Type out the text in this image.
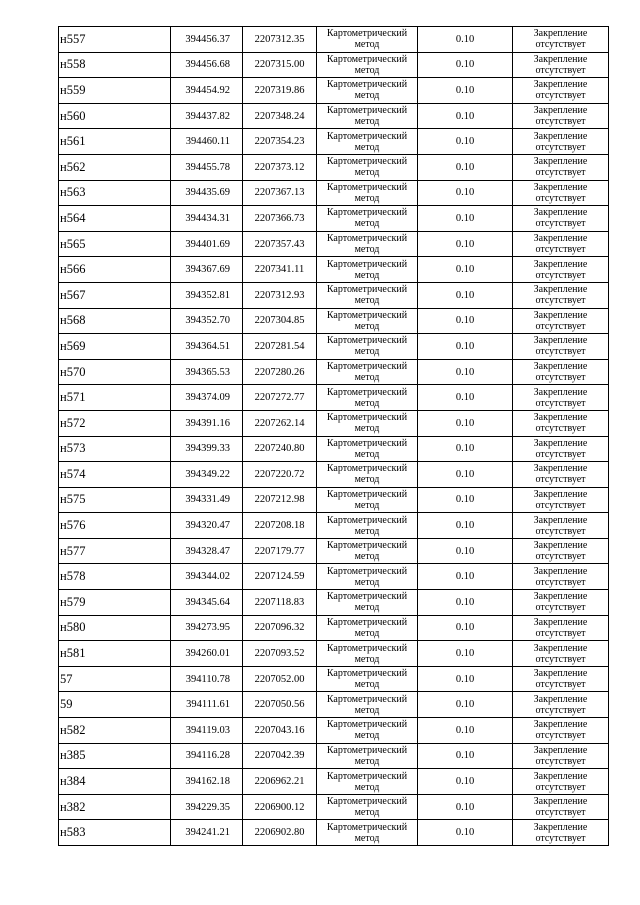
н557	394456.37	2207312.35	Картометрический
метод	0.10	Закрепление
отсутствует

н558	394456.68	2207315.00	Картометрический
метод	0.10	Закрепление
отсутствует

н559	394454.92	2207319.86	Картометрический
метод	0.10	Закрепление
отсутствует

н560	394437.82	2207348.24	Картометрический
метод	0.10	Закрепление
отсутствует

н561	394460.11	2207354.23	Картометрический
метод	0.10	Закрепление
отсутствует

н562	394455.78	2207373.12	Картометрический
метод	0.10	Закрепление
отсутствует

н563	394435.69	2207367.13	Картометрический
метод	0.10	Закрепление
отсутствует

н564	394434.31	2207366.73	Картометрический
метод	0.10	Закрепление
отсутствует

н565	394401.69	2207357.43	Картометрический
метод	0.10	Закрепление
отсутствует

н566	394367.69	2207341.11	Картометрический
метод	0.10	Закрепление
отсутствует

н567	394352.81	2207312.93	Картометрический
метод	0.10	Закрепление
отсутствует

н568	394352.70	2207304.85	Картометрический
метод	0.10	Закрепление
отсутствует

н569	394364.51	2207281.54	Картометрический
метод	0.10	Закрепление
отсутствует

н570	394365.53	2207280.26	Картометрический
метод	0.10	Закрепление
отсутствует

н571	394374.09	2207272.77	Картометрический
метод	0.10	Закрепление
отсутствует

н572	394391.16	2207262.14	Картометрический
метод	0.10	Закрепление
отсутствует

н573	394399.33	2207240.80	Картометрический
метод	0.10	Закрепление
отсутствует

н574	394349.22	2207220.72	Картометрический
метод	0.10	Закрепление
отсутствует

н575	394331.49	2207212.98	Картометрический
метод	0.10	Закрепление
отсутствует

н576	394320.47	2207208.18	Картометрический
метод	0.10	Закрепление
отсутствует

н577	394328.47	2207179.77	Картометрический
метод	0.10	Закрепление
отсутствует

н578	394344.02	2207124.59	Картометрический
метод	0.10	Закрепление
отсутствует

н579	394345.64	2207118.83	Картометрический
метод	0.10	Закрепление
отсутствует

н580	394273.95	2207096.32	Картометрический
метод	0.10	Закрепление
отсутствует

н581	394260.01	2207093.52	Картометрический
метод	0.10	Закрепление
отсутствует

57	394110.78	2207052.00	Картометрический
метод	0.10	Закрепление
отсутствует

59	394111.61	2207050.56	Картометрический
метод	0.10	Закрепление
отсутствует

н582	394119.03	2207043.16	Картометрический
метод	0.10	Закрепление
отсутствует

н385	394116.28	2207042.39	Картометрический
метод	0.10	Закрепление
отсутствует

н384	394162.18	2206962.21	Картометрический
метод	0.10	Закрепление
отсутствует

н382	394229.35	2206900.12	Картометрический
метод	0.10	Закрепление
отсутствует

н583	394241.21	2206902.80	Картометрический
метод	0.10	Закрепление
отсутствует
